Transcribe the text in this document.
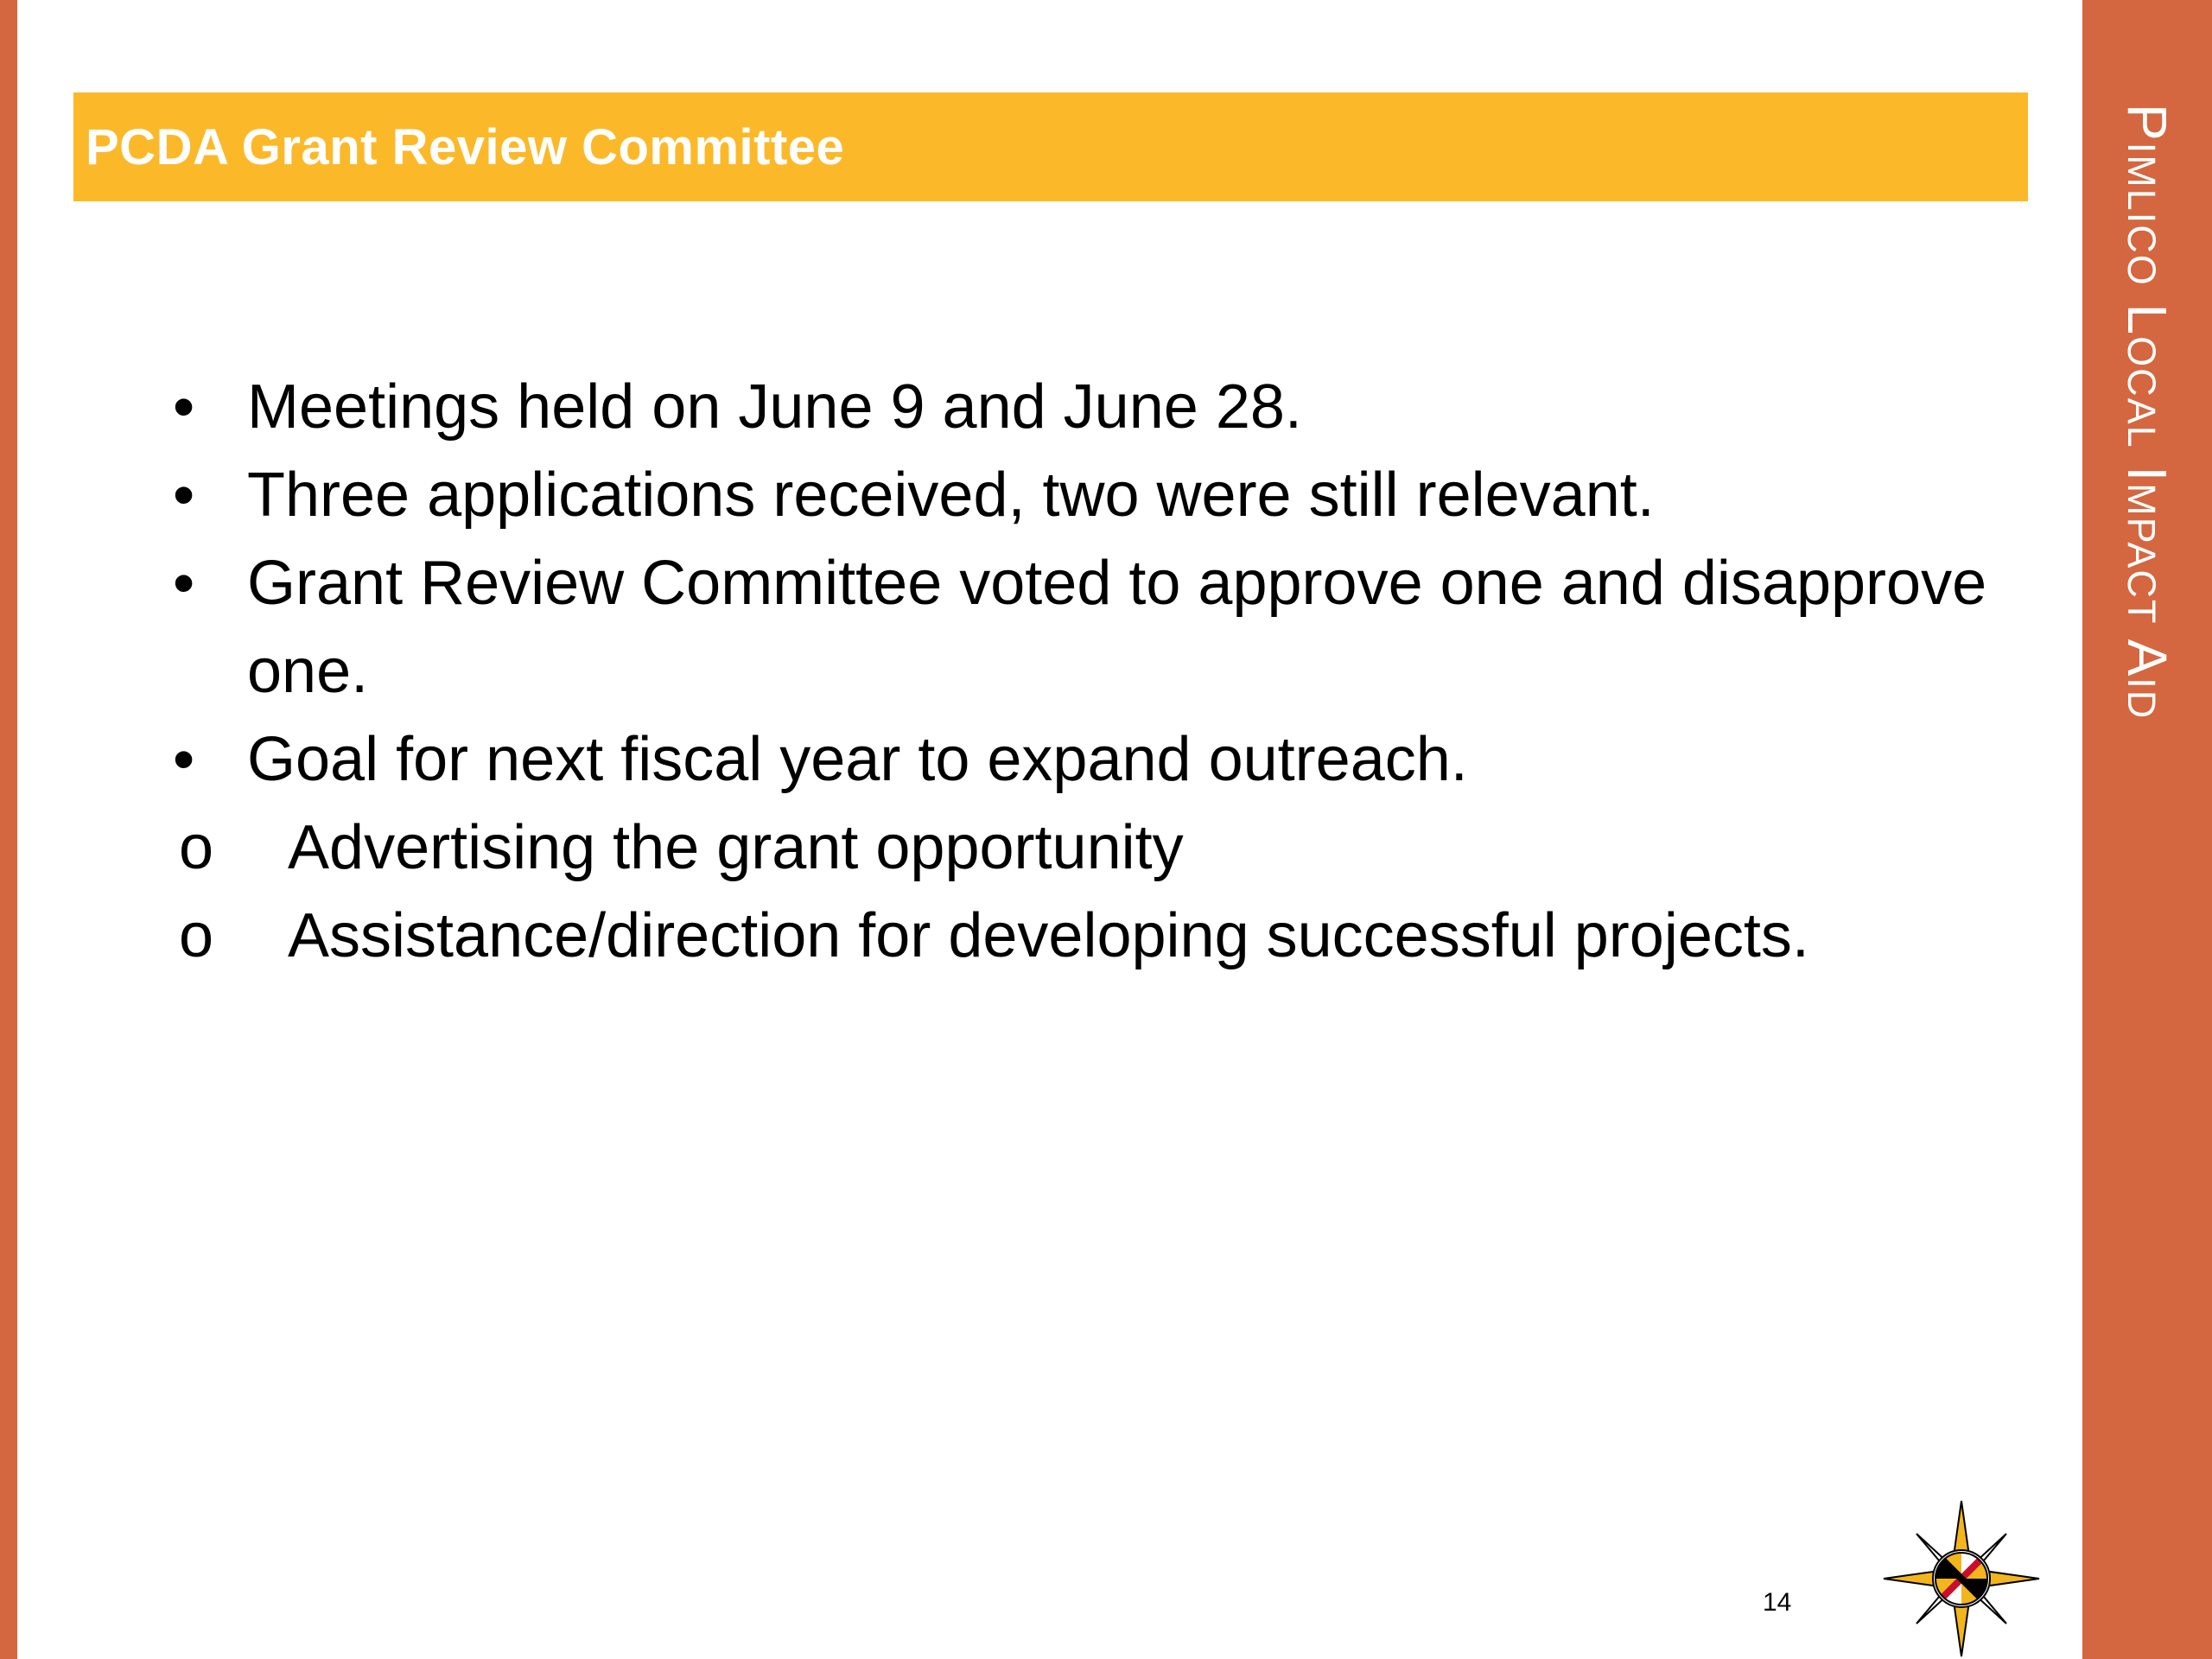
PCDA Grant Review Committee
• Meetings held on June 9 and June 28.
• Three applications received, two were still relevant.
• Grant Review Committee voted to approve one and disapprove one.
• Goal for next fiscal year to expand outreach.
o Advertising the grant opportunity
o Assistance/direction for developing successful projects.
14
Pimlico Local Impact Aid
